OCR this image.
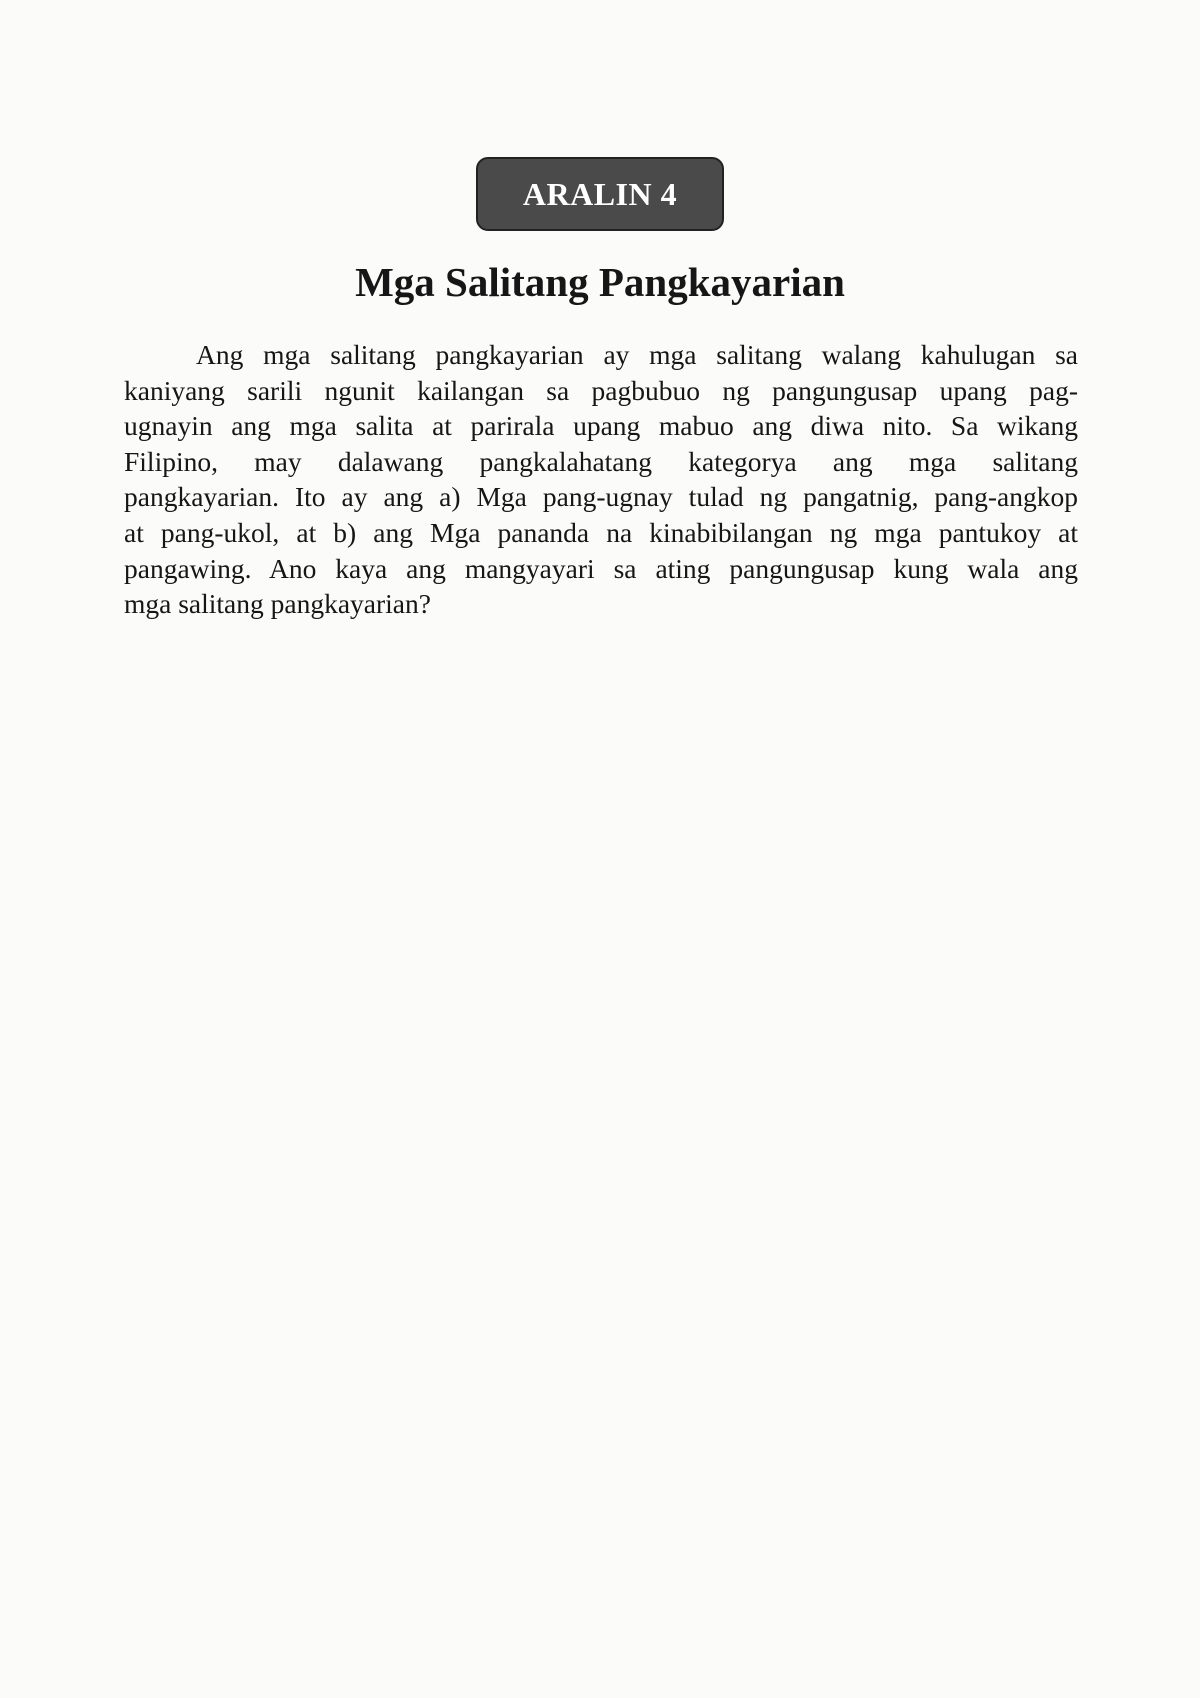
ARALIN 4
Mga Salitang Pangkayarian
Ang mga salitang pangkayarian ay mga salitang walang kahulugan sa
kaniyang sarili ngunit kailangan sa pagbubuo ng pangungusap upang pag-
ugnayin ang mga salita at parirala upang mabuo ang diwa nito. Sa wikang
Filipino, may dalawang pangkalahatang kategorya ang mga salitang
pangkayarian. Ito ay ang a) Mga pang-ugnay tulad ng pangatnig, pang-angkop
at pang-ukol, at b) ang Mga pananda na kinabibilangan ng mga pantukoy at
pangawing. Ano kaya ang mangyayari sa ating pangungusap kung wala ang
mga salitang pangkayarian?
